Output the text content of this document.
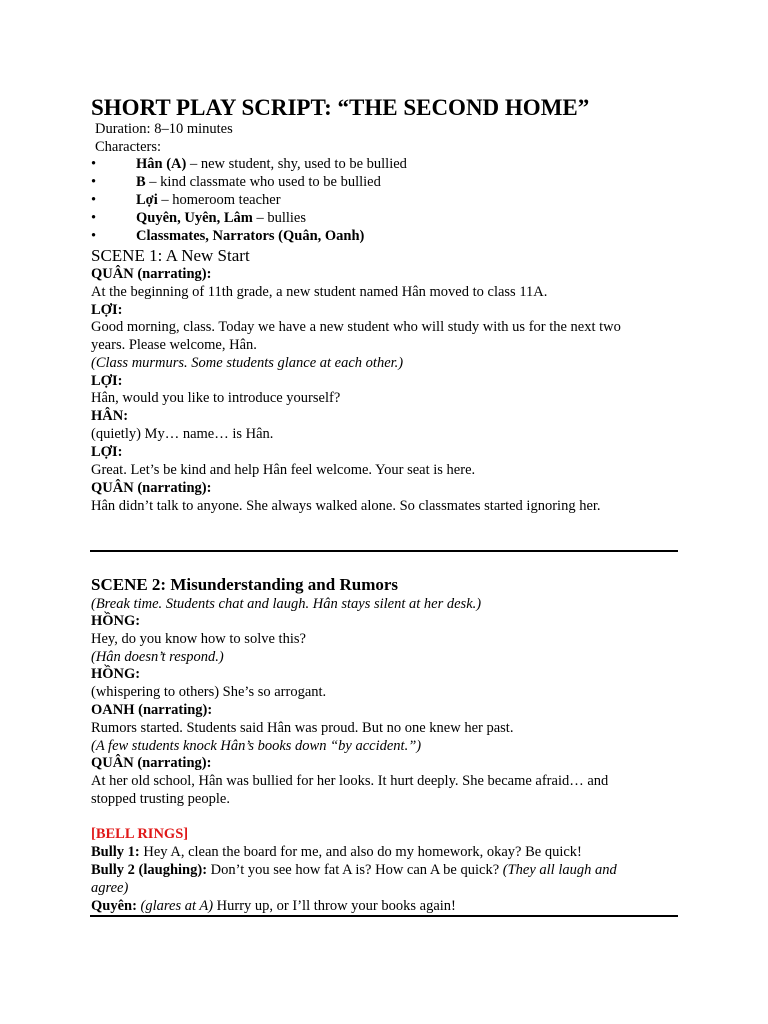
SHORT PLAY SCRIPT: “THE SECOND HOME”
Duration: 8–10 minutes
Characters:
• Hân (A) – new student, shy, used to be bullied
• B – kind classmate who used to be bullied
• Lợi – homeroom teacher
• Quyên, Uyên, Lâm – bullies
• Classmates, Narrators (Quân, Oanh)
SCENE 1: A New Start
QUÂN (narrating):
At the beginning of 11th grade, a new student named Hân moved to class 11A.
LỢI:
Good morning, class. Today we have a new student who will study with us for the next two
years. Please welcome, Hân.
(Class murmurs. Some students glance at each other.)
LỢI:
Hân, would you like to introduce yourself?
HÂN:
(quietly) My… name… is Hân.
LỢI:
Great. Let’s be kind and help Hân feel welcome. Your seat is here.
QUÂN (narrating):
Hân didn’t talk to anyone. She always walked alone. So classmates started ignoring her.
SCENE 2: Misunderstanding and Rumors
(Break time. Students chat and laugh. Hân stays silent at her desk.)
HỒNG:
Hey, do you know how to solve this?
(Hân doesn’t respond.)
HỒNG:
(whispering to others) She’s so arrogant.
OANH (narrating):
Rumors started. Students said Hân was proud. But no one knew her past.
(A few students knock Hân’s books down “by accident.”)
QUÂN (narrating):
At her old school, Hân was bullied for her looks. It hurt deeply. She became afraid… and
stopped trusting people.
[BELL RINGS]
Bully 1: Hey A, clean the board for me, and also do my homework, okay? Be quick!
Bully 2 (laughing): Don’t you see how fat A is? How can A be quick? (They all laugh and
agree)
Quyên: (glares at A) Hurry up, or I’ll throw your books again!
